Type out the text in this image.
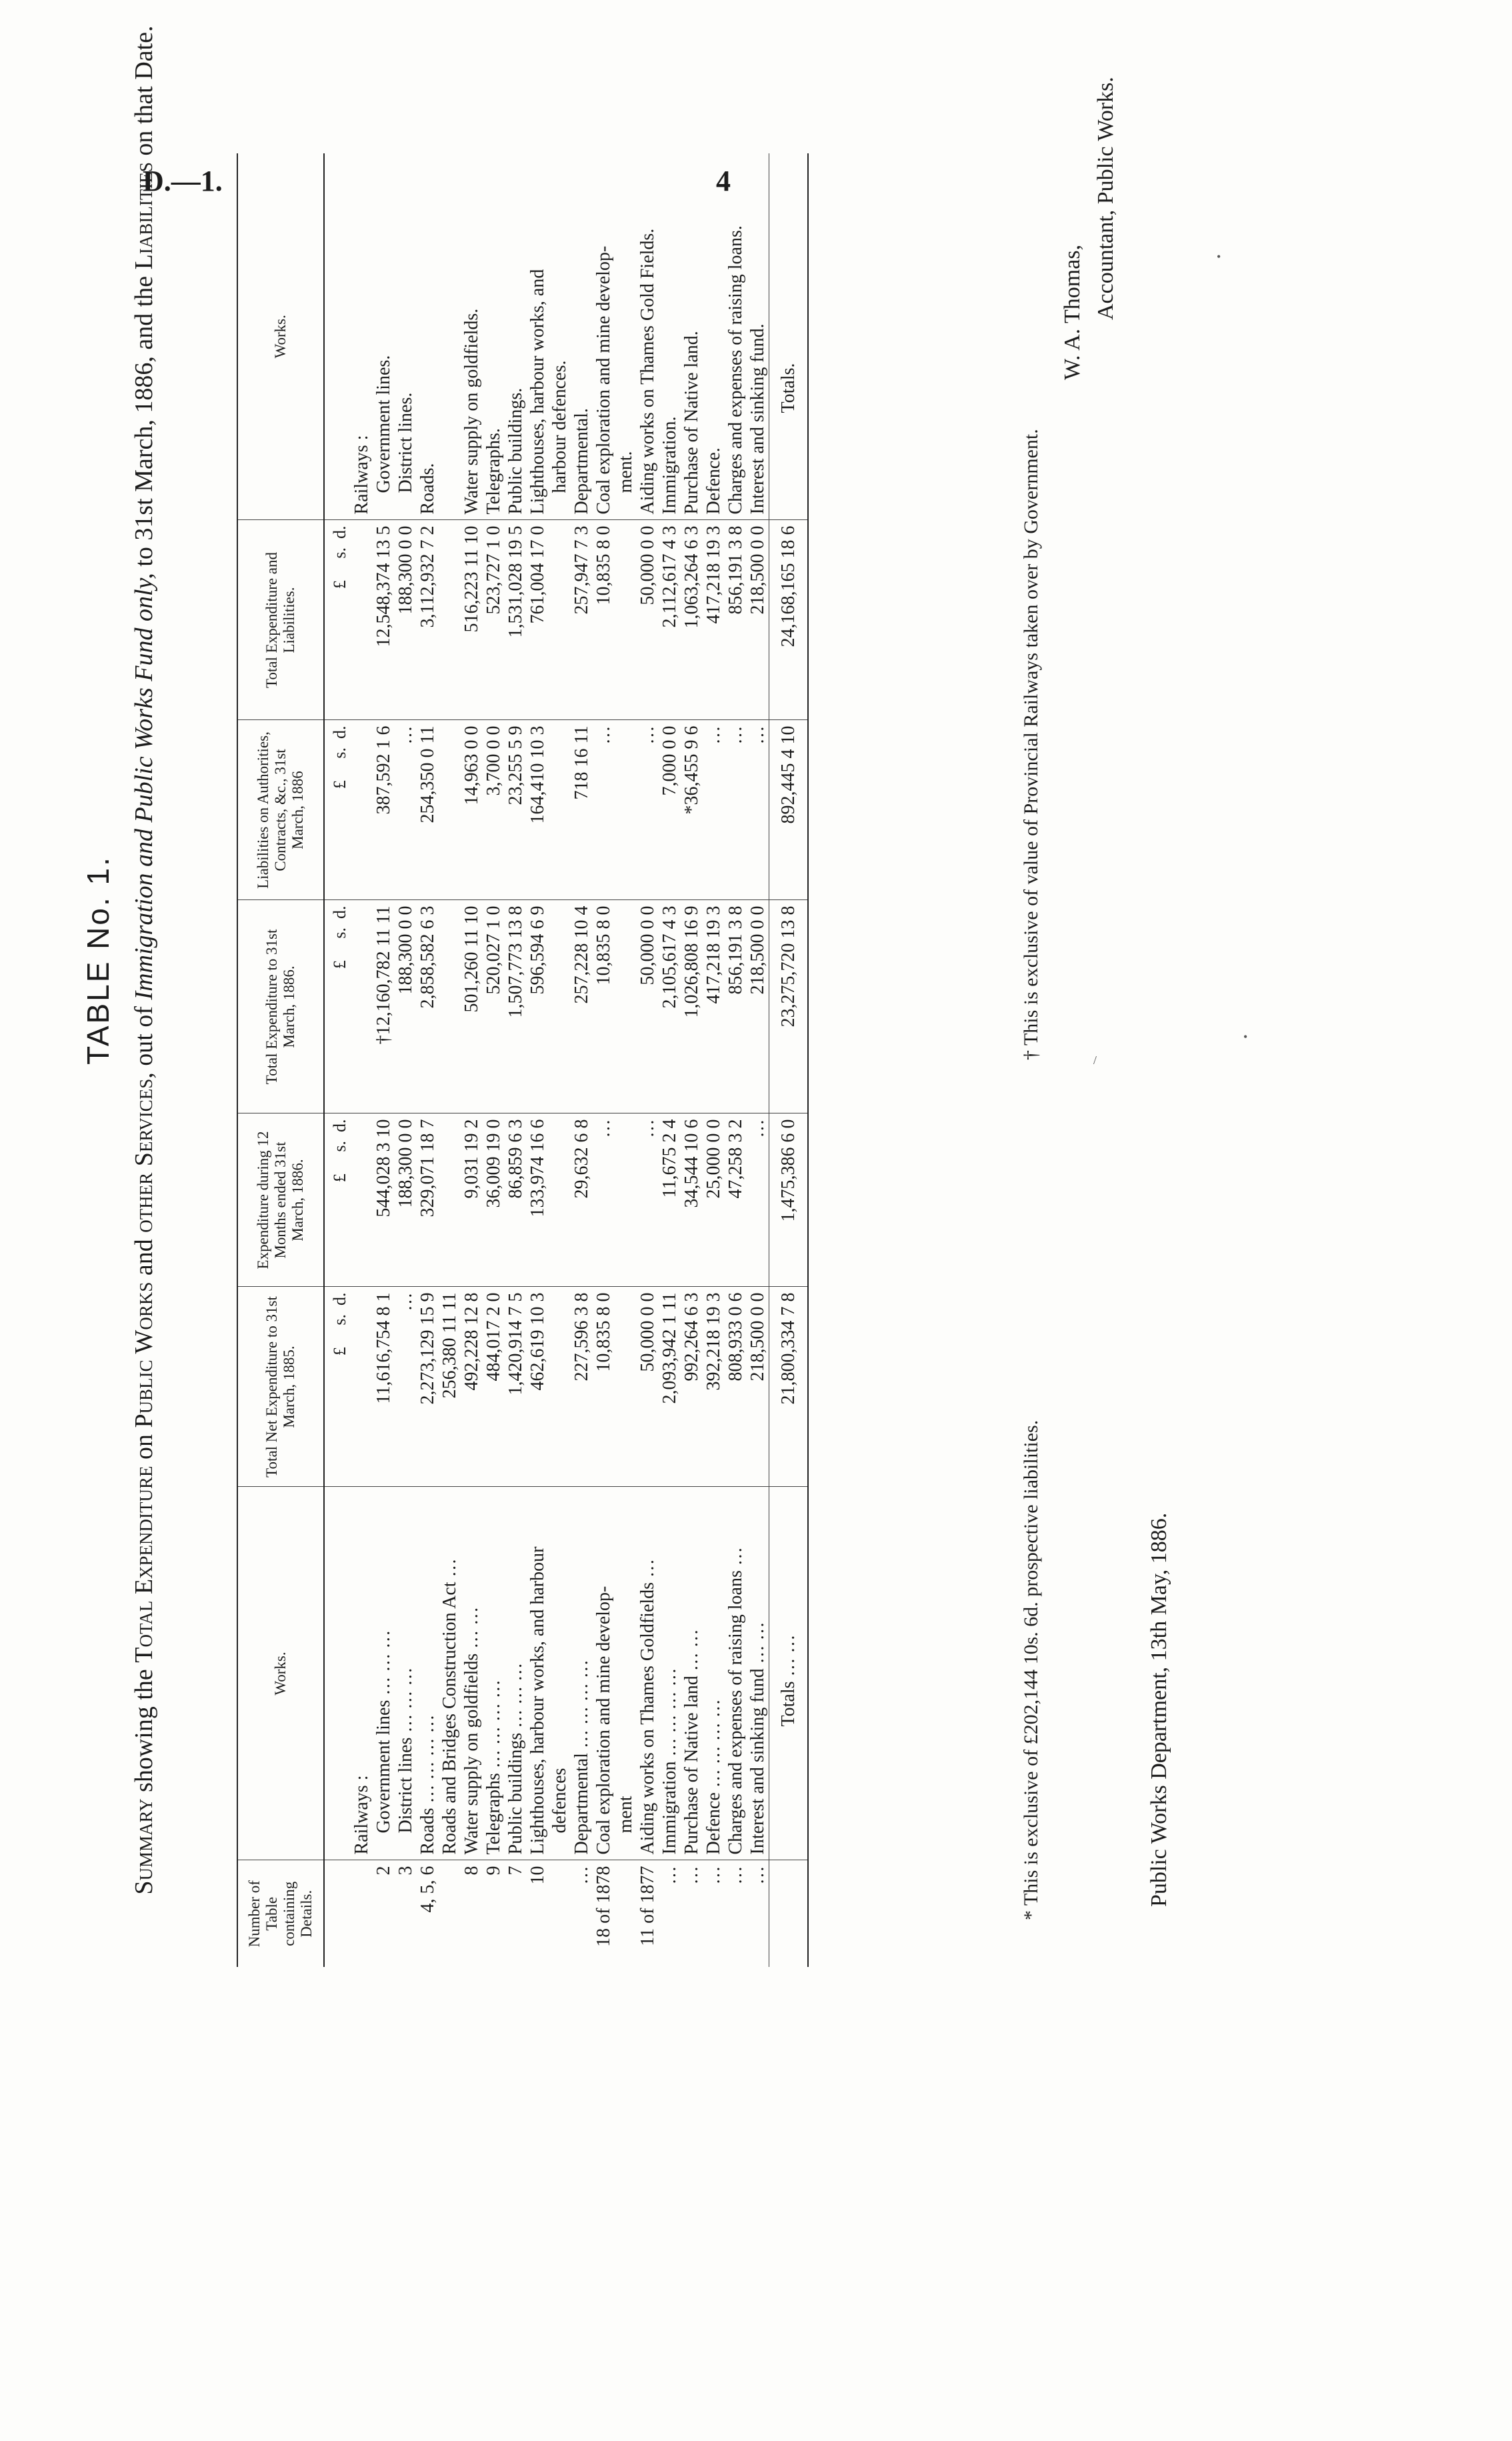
D.—1.	4
TABLE No. 1.
Summary showing the Total Expenditure on Public Works and other Services, out of Immigration and Public Works Fund only, to 31st March, 1886, and the Liabilities on that Date.
Number of Table containing Details.	Works.	Total Net Expenditure to 31st March, 1885.	Expenditure during 12 Months ended 31st March, 1886.	Total Expenditure to 31st March, 1886.	Liabilities on Authorities, Contracts, &c., 31st March, 1886	Total Expenditure and Liabilities.	Works.
		£     s.  d.	£     s.  d.	£     s.  d.	£     s.  d.	£     s.  d.	
	Railways :						Railways :
2	Government lines … … …	11,616,754 8 1	544,028 3 10	†12,160,782 11 11	387,592 1 6	12,548,374 13 5	Government lines.
3	District lines … … …	…	188,300 0 0	188,300 0 0	…	188,300 0 0	District lines.
4, 5, 6	Roads … … … …	2,273,129 15 9	329,071 18 7	2,858,582 6 3	254,350 0 11	3,112,932 7 2	Roads.
	Roads and Bridges Construction Act …	256,380 11 11					
8	Water supply on goldfields … …	492,228 12 8	9,031 19 2	501,260 11 10	14,963 0 0	516,223 11 10	Water supply on goldfields.
9	Telegraphs … … … …	484,017 2 0	36,009 19 0	520,027 1 0	3,700 0 0	523,727 1 0	Telegraphs.
7	Public buildings … … …	1,420,914 7 5	86,859 6 3	1,507,773 13 8	23,255 5 9	1,531,028 19 5	Public buildings.
10	Lighthouses, harbour works, and harbour	462,619 10 3	133,974 16 6	596,594 6 9	164,410 10 3	761,004 17 0	Lighthouses, harbour works, and
	defences						harbour defences.
…	Departmental … … … …	227,596 3 8	29,632 6 8	257,228 10 4	718 16 11	257,947 7 3	Departmental.
18 of 1878	Coal exploration and mine develop-	10,835 8 0	…	10,835 8 0	…	10,835 8 0	Coal exploration and mine develop-
	ment						ment.
11 of 1877	Aiding works on Thames Goldfields …	50,000 0 0	…	50,000 0 0	…	50,000 0 0	Aiding works on Thames Gold Fields.
…	Immigration … … … …	2,093,942 1 11	11,675 2 4	2,105,617 4 3	7,000 0 0	2,112,617 4 3	Immigration.
…	Purchase of Native land … …	992,264 6 3	34,544 10 6	1,026,808 16 9	*36,455 9 6	1,063,264 6 3	Purchase of Native land.
…	Defence … … … …	392,218 19 3	25,000 0 0	417,218 19 3	…	417,218 19 3	Defence.
…	Charges and expenses of raising loans …	808,933 0 6	47,258 3 2	856,191 3 8	…	856,191 3 8	Charges and expenses of raising loans.
…	Interest and sinking fund … …	218,500 0 0	…	218,500 0 0	…	218,500 0 0	Interest and sinking fund.
	Totals … …	21,800,334 7 8	1,475,386 6 0	23,275,720 13 8	892,445 4 10	24,168,165 18 6	Totals.
* This is exclusive of £202,144 10s. 6d. prospective liabilities.
† This is exclusive of value of Provincial Railways taken over by Government.
W. A. Thomas, Accountant, Public Works.
Public Works Department, 13th May, 1886.
•
•
/
